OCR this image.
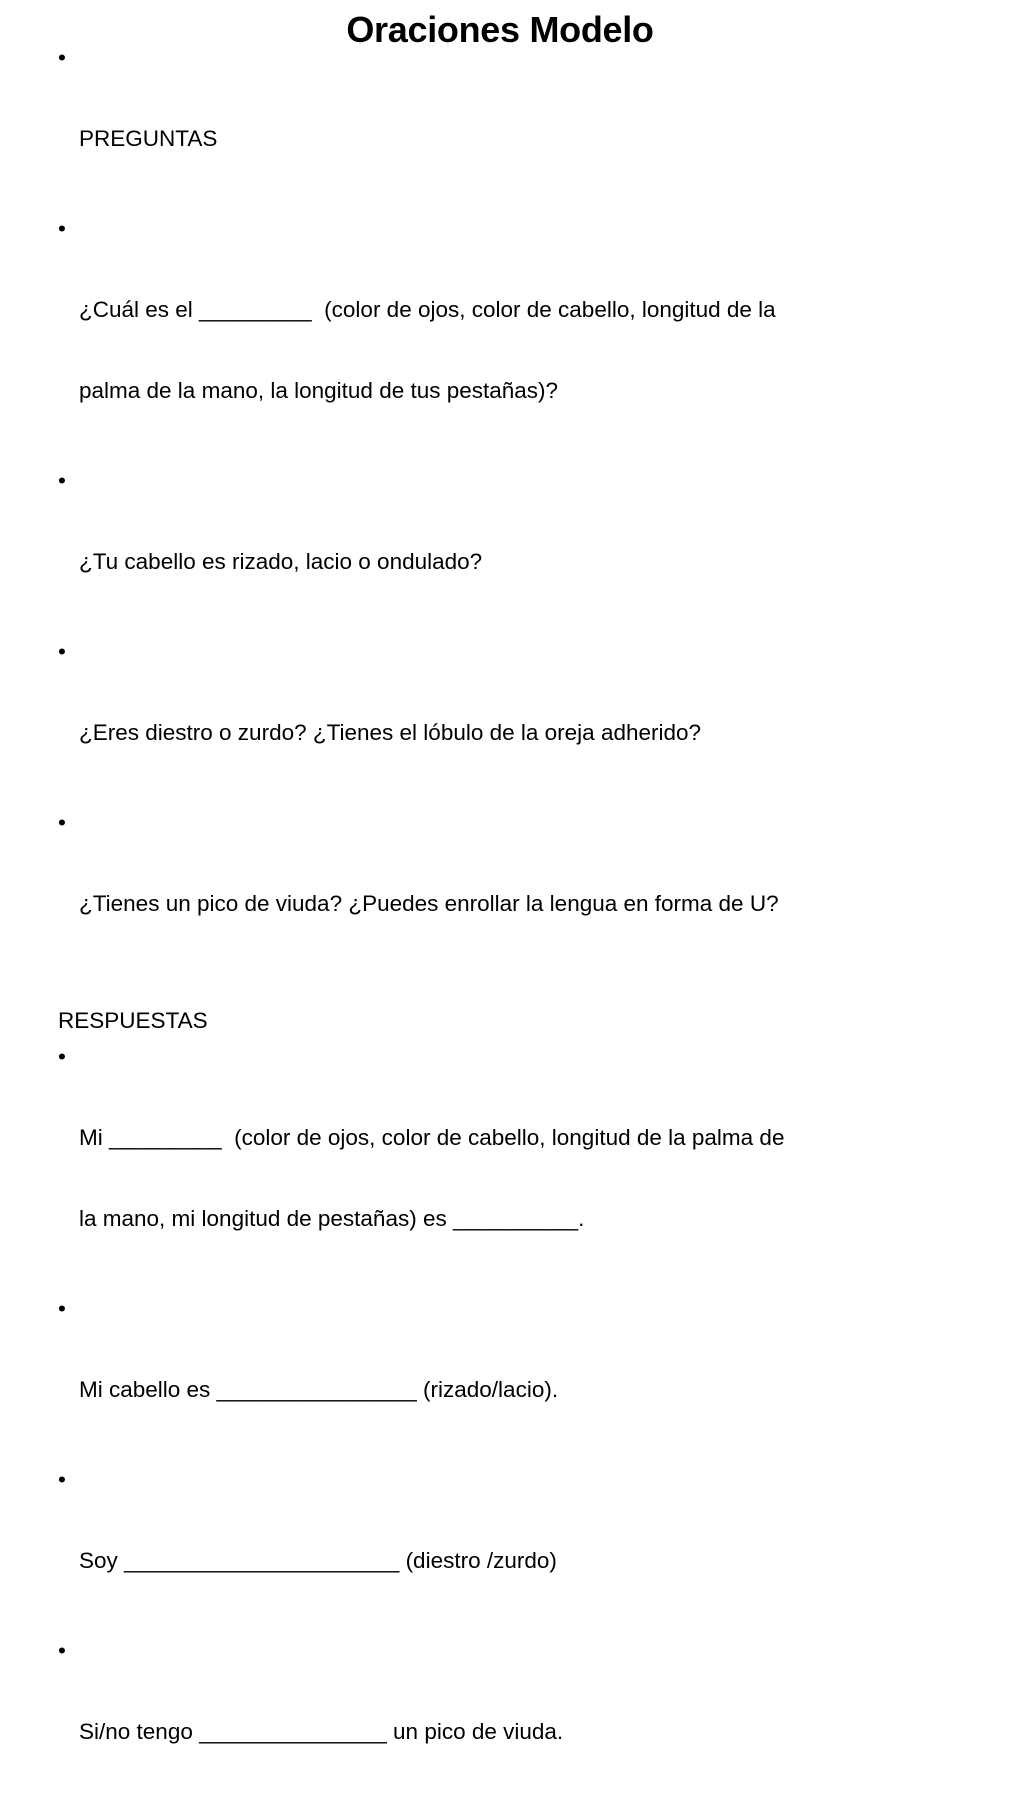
Oraciones Modelo

•

PREGUNTAS

•

¿Cuál es el _________  (color de ojos, color de cabello, longitud de la

palma de la mano, la longitud de tus pestañas)?

•

¿Tu cabello es rizado, lacio o ondulado?

•

¿Eres diestro o zurdo? ¿Tienes el lóbulo de la oreja adherido?

•

¿Tienes un pico de viuda? ¿Puedes enrollar la lengua en forma de U?

RESPUESTAS

•

Mi _________  (color de ojos, color de cabello, longitud de la palma de

la mano, mi longitud de pestañas) es __________.

•

Mi cabello es ________________ (rizado/lacio).

•

Soy ______________________ (diestro /zurdo)

•

Si/no tengo _______________ un pico de viuda.
